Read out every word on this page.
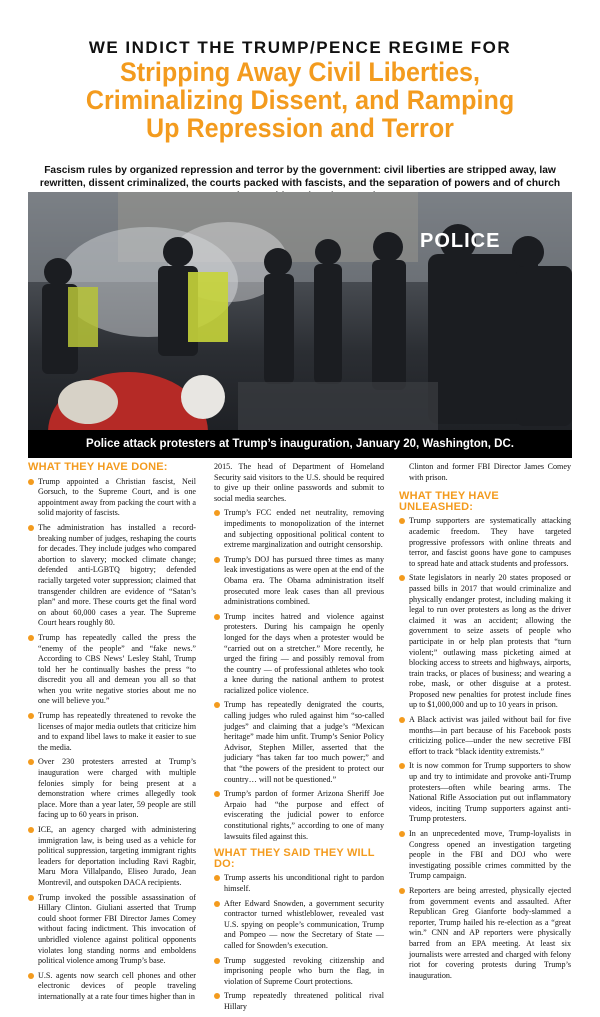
WE INDICT THE TRUMP/PENCE REGIME FOR
Stripping Away Civil Liberties,
Criminalizing Dissent, and Ramping
Up Repression and Terror
Fascism rules by organized repression and terror by the government: civil liberties are stripped away, law rewritten, dissent criminalized, the courts packed with fascists, and the separation of powers and of church
POLICE
Police attack protesters at Trump’s inauguration, January 20, Washington, DC.
WHAT THEY HAVE DONE:
Trump appointed a Christian fascist, Neil Gorsuch, to the Supreme Court, and is one appointment away from packing the court with a solid majority of fascists.
The administration has installed a record-breaking number of judges, reshaping the courts for decades. They include judges who compared abortion to slavery; mocked climate change; defended anti-LGBTQ bigotry; defended racially targeted voter suppression; claimed that transgender children are evidence of “Satan’s plan” and more. These courts get the final word on about 60,000 cases a year. The Supreme Court hears roughly 80.
Trump has repeatedly called the press the “enemy of the people” and “fake news.” According to CBS News’ Lesley Stahl, Trump told her he continually bashes the press “to discredit you all and demean you all so that when you write negative stories about me no one will believe you.”
Trump has repeatedly threatened to revoke the licenses of major media outlets that criticize him and to expand libel laws to make it easier to sue the media.
Over 230 protesters arrested at Trump’s inauguration were charged with multiple felonies simply for being present at a demonstration where crimes allegedly took place. More than a year later, 59 people are still facing up to 60 years in prison.
ICE, an agency charged with administering immigration law, is being used as a vehicle for political suppression, targeting immigrant rights leaders for deportation including Ravi Ragbir, Maru Mora Villalpando, Eliseo Jurado, Jean Montrevil, and outspoken DACA recipients.
Trump invoked the possible assassination of Hillary Clinton. Giuliani asserted that Trump could shoot former FBI Director James Comey without facing indictment. This invocation of unbridled violence against political opponents violates long standing norms and emboldens political violence among Trump’s base.
U.S. agents now search cell phones and other electronic devices of people traveling internationally at a rate four times higher than in
2015. The head of Department of Homeland Security said visitors to the U.S. should be required to give up their online passwords and submit to social media searches.
Trump’s FCC ended net neutrality, removing impediments to monopolization of the internet and subjecting oppositional political content to extreme marginalization and outright censorship.
Trump’s DOJ has pursued three times as many leak investigations as were open at the end of the Obama era. The Obama administration itself prosecuted more leak cases than all previous administrations combined.
Trump incites hatred and violence against protesters. During his campaign he openly longed for the days when a protester would be “carried out on a stretcher.” More recently, he urged the firing — and possibly removal from the country — of professional athletes who took a knee during the national anthem to protest racialized police violence.
Trump has repeatedly denigrated the courts, calling judges who ruled against him “so-called judges” and claiming that a judge’s “Mexican heritage” made him unfit. Trump’s Senior Policy Advisor, Stephen Miller, asserted that the judiciary “has taken far too much power;” and that “the powers of the president to protect our country… will not be questioned.”
Trump’s pardon of former Arizona Sheriff Joe Arpaio had “the purpose and effect of eviscerating the judicial power to enforce constitutional rights,” according to one of many lawsuits filed against this.
WHAT THEY SAID THEY WILL DO:
Trump asserts his unconditional right to pardon himself.
After Edward Snowden, a government security contractor turned whistleblower, revealed vast U.S. spying on people’s communication, Trump and Pompeo — now the Secretary of State — called for Snowden’s execution.
Trump suggested revoking citizenship and imprisoning people who burn the flag, in violation of Supreme Court protections.
Trump repeatedly threatened political rival Hillary
Clinton and former FBI Director James Comey with prison.
WHAT THEY HAVE UNLEASHED:
Trump supporters are systematically attacking academic freedom. They have targeted progressive professors with online threats and terror, and fascist goons have gone to campuses to spread hate and attack students and professors.
State legislators in nearly 20 states proposed or passed bills in 2017 that would criminalize and physically endanger protest, including making it legal to run over protesters as long as the driver claimed it was an accident; allowing the government to seize assets of people who participate in or help plan protests that “turn violent;” outlawing mass picketing aimed at blocking access to streets and highways, airports, train tracks, or places of business; and wearing a robe, mask, or other disguise at a protest. Proposed new penalties for protest include fines up to $1,000,000 and up to 10 years in prison.
A Black activist was jailed without bail for five months—in part because of his Facebook posts criticizing police—under the new secretive FBI effort to track “black identity extremists.”
It is now common for Trump supporters to show up and try to intimidate and provoke anti-Trump protesters—often while bearing arms. The National Rifle Association put out inflammatory videos, inciting Trump supporters against anti-Trump protesters.
In an unprecedented move, Trump-loyalists in Congress opened an investigation targeting people in the FBI and DOJ who were investigating possible crimes committed by the Trump campaign.
Reporters are being arrested, physically ejected from government events and assaulted. After Republican Greg Gianforte body-slammed a reporter, Trump hailed his re-election as a “great win.” CNN and AP reporters were physically barred from an EPA meeting. At least six journalists were arrested and charged with felony riot for covering protests during Trump’s inauguration.
